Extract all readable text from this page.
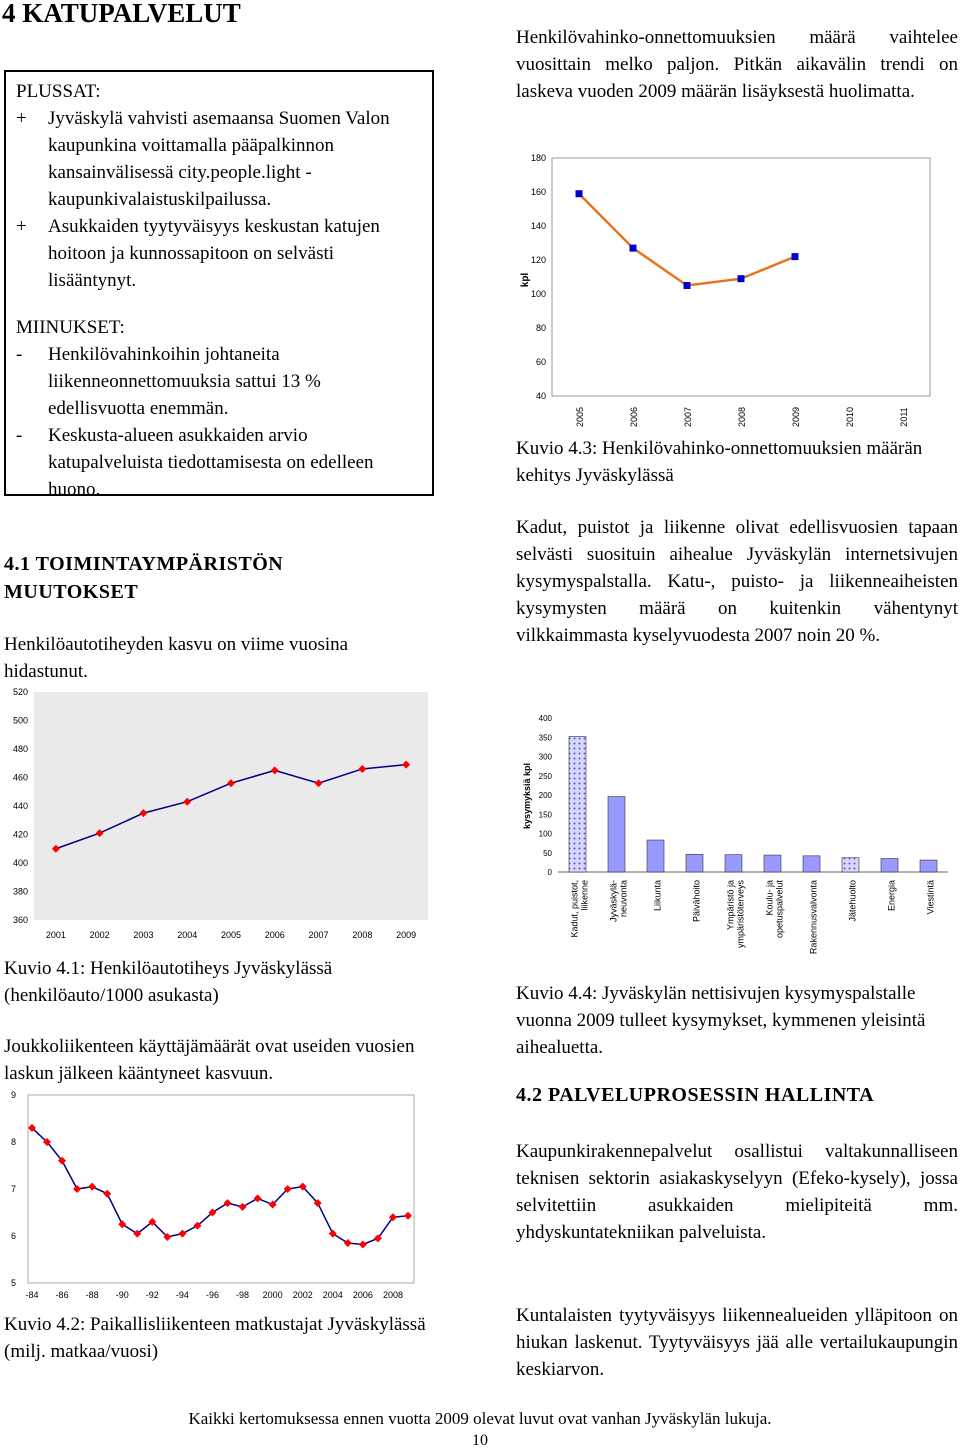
4 KATUPALVELUT
PLUSSAT:
+	Jyväskylä vahvisti asemaansa Suomen Valon kaupunkina voittamalla pääpalkinnon kansainvälisessä city.people.light -kaupunkivalaistuskilpailussa.
+	Asukkaiden tyytyväisyys keskustan katujen hoitoon ja kunnossapitoon on selvästi lisääntynyt.
MIINUKSET:
-	Henkilövahinkoihin johtaneita liikenneonnettomuuksia sattui 13 % edellisvuotta enemmän.
-	Keskusta-alueen asukkaiden arvio katupalveluista tiedottamisesta on edelleen huono.
4.1 TOIMINTAYMPÄRISTÖN MUUTOKSET
Henkilöautotiheyden kasvu on viime vuosina hidastunut.
360
380
400
420
440
460
480
500
520
2001	2002	2003	2004	2005	2006	2007	2008	2009
Kuvio 4.1: Henkilöautotiheys Jyväskylässä (henkilöauto/1000 asukasta)
Joukkoliikenteen käyttäjämäärät ovat useiden vuosien laskun jälkeen kääntyneet kasvuun.
5
6
7
8
9
-84 -86 -88 -90 -92 -94 -96 -98 2000 2002 2004 2006 2008
Kuvio 4.2: Paikallisliikenteen matkustajat Jyväskylässä (milj. matkaa/vuosi)
Henkilövahinko-onnettomuuksien määrä vaihtelee vuosittain melko paljon. Pitkän aikavälin trendi on laskeva vuoden 2009 määrän lisäyksestä huolimatta.
40
60
80
100
120
140
160
180
kpl
2005	2006	2007	2008	2009	2010	2011
Kuvio 4.3: Henkilövahinko-onnettomuuksien määrän kehitys Jyväskylässä
Kadut, puistot ja liikenne olivat edellisvuosien tapaan selvästi suosituin aihealue Jyväskylän internetsivujen kysymyspalstalla. Katu-, puisto- ja liikenneaiheisten kysymysten määrä on kuitenkin vähentynyt vilkkaimmasta kyselyvuodesta 2007 noin 20 %.
0
50
100
150
200
250
300
350
400
kysymyksiä kpl
Kadut, puistot,liikenne Jyväskylä-neuvonta	Liikunta	Päivähoito	Ympäristö jaympäristöterveys Koulu- jaopetuspalvelut	Rakennusvalvonta	Jätehuolto	Energia	Viestintä
Kuvio 4.4: Jyväskylän nettisivujen kysymyspalstalle vuonna 2009 tulleet kysymykset, kymmenen yleisintä aihealuetta.
4.2 PALVELUPROSESSIN HALLINTA
Kaupunkirakennepalvelut osallistui valtakunnalliseen teknisen sektorin asiakaskyselyyn (Efeko-kysely), jossa selvitettiin asukkaiden mielipiteitä mm. yhdyskuntatekniikan palveluista.
Kuntalaisten tyytyväisyys liikennealueiden ylläpitoon on hiukan laskenut. Tyytyväisyys jää alle vertailukaupungin keskiarvon.
Kaikki kertomuksessa ennen vuotta 2009 olevat luvut ovat vanhan Jyväskylän lukuja.
10
